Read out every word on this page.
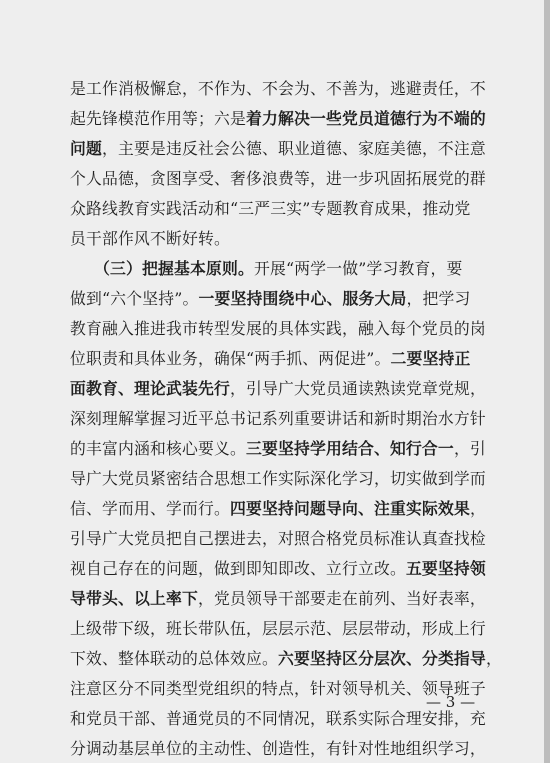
是工作消极懈怠，不作为、不会为、不善为，逃避责任，不
起先锋模范作用等；六是着力解决一些党员道德行为不端的
问题，主要是违反社会公德、职业道德、家庭美德，不注意
个人品德，贪图享受、奢侈浪费等，进一步巩固拓展党的群
众路线教育实践活动和“三严三实”专题教育成果，推动党
员干部作风不断好转。
（三）把握基本原则。开展“两学一做”学习教育，要
做到“六个坚持”。一要坚持围绕中心、服务大局，把学习
教育融入推进我市转型发展的具体实践，融入每个党员的岗
位职责和具体业务，确保“两手抓、两促进”。二要坚持正
面教育、理论武装先行，引导广大党员通读熟读党章党规，
深刻理解掌握习近平总书记系列重要讲话和新时期治水方针
的丰富内涵和核心要义。三要坚持学用结合、知行合一，引
导广大党员紧密结合思想工作实际深化学习，切实做到学而
信、学而用、学而行。四要坚持问题导向、注重实际效果，
引导广大党员把自己摆进去，对照合格党员标准认真查找检
视自己存在的问题，做到即知即改、立行立改。五要坚持领
导带头、以上率下，党员领导干部要走在前列、当好表率，
上级带下级，班长带队伍，层层示范、层层带动，形成上行
下效、整体联动的总体效应。六要坚持区分层次、分类指导，
注意区分不同类型党组织的特点，针对领导机关、领导班子
和党员干部、普通党员的不同情况，联系实际合理安排，充
分调动基层单位的主动性、创造性，有针对性地组织学习，
— 3 —
